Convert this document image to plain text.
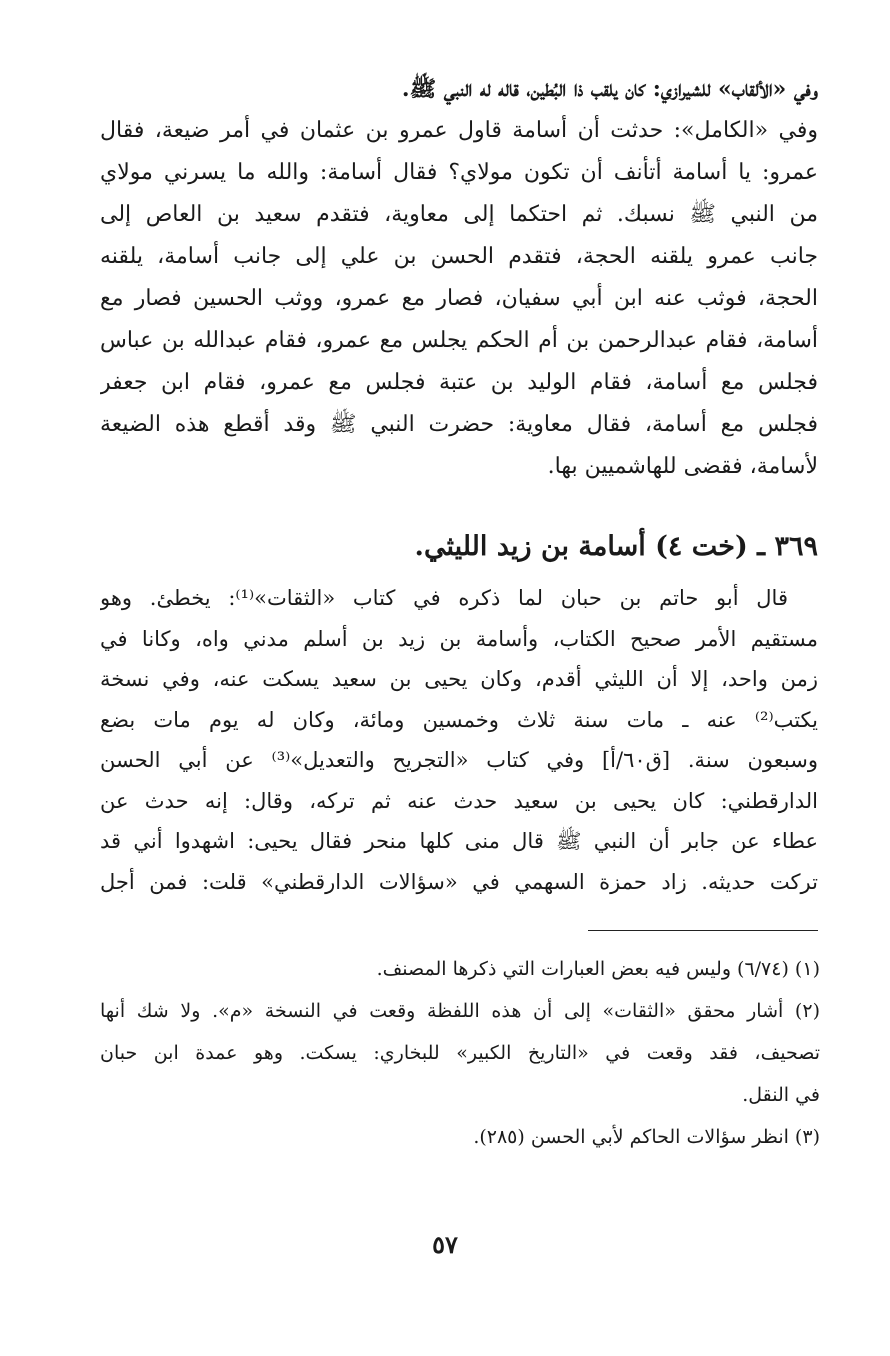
وفي «الألقاب» للشيرازي: كان يلقب ذا البُطين، قاله له النبي ﷺ.
وفي «الكامل»: حدثت أن أسامة قاول عمرو بن عثمان في أمر ضيعة، فقال
عمرو: يا أسامة أتأنف أن تكون مولاي؟ فقال أسامة: والله ما يسرني مولاي
من النبي ﷺ نسبك. ثم احتكما إلى معاوية، فتقدم سعيد بن العاص إلى
جانب عمرو يلقنه الحجة، فتقدم الحسن بن علي إلى جانب أسامة، يلقنه
الحجة، فوثب عنه ابن أبي سفيان، فصار مع عمرو، ووثب الحسين فصار مع
أسامة، فقام عبدالرحمن بن أم الحكم يجلس مع عمرو، فقام عبدالله بن عباس
فجلس مع أسامة، فقام الوليد بن عتبة فجلس مع عمرو، فقام ابن جعفر
فجلس مع أسامة، فقال معاوية: حضرت النبي ﷺ وقد أقطع هذه الضيعة
لأسامة، فقضى للهاشميين بها.
٣٦٩ ـ (خت ٤) أسامة بن زيد الليثي.
قال أبو حاتم بن حبان لما ذكره في كتاب «الثقات»⁽¹⁾: يخطئ. وهو
مستقيم الأمر صحيح الكتاب، وأسامة بن زيد بن أسلم مدني واه، وكانا في
زمن واحد، إلا أن الليثي أقدم، وكان يحيى بن سعيد يسكت عنه، وفي نسخة
يكتب⁽²⁾ عنه ـ مات سنة ثلاث وخمسين ومائة، وكان له يوم مات بضع
وسبعون سنة. [ق٦٠/أ] وفي كتاب «التجريح والتعديل»⁽³⁾ عن أبي الحسن
الدارقطني: كان يحيى بن سعيد حدث عنه ثم تركه، وقال: إنه حدث عن
عطاء عن جابر أن النبي ﷺ قال منى كلها منحر فقال يحيى: اشهدوا أني قد
تركت حديثه. زاد حمزة السهمي في «سؤالات الدارقطني» قلت: فمن أجل
(١) (٦/٧٤) وليس فيه بعض العبارات التي ذكرها المصنف.
(٢) أشار محقق «الثقات» إلى أن هذه اللفظة وقعت في النسخة «م». ولا شك أنها
تصحيف، فقد وقعت في «التاريخ الكبير» للبخاري: يسكت. وهو عمدة ابن حبان
في النقل.
(٣) انظر سؤالات الحاكم لأبي الحسن (٢٨٥).
٥٧
